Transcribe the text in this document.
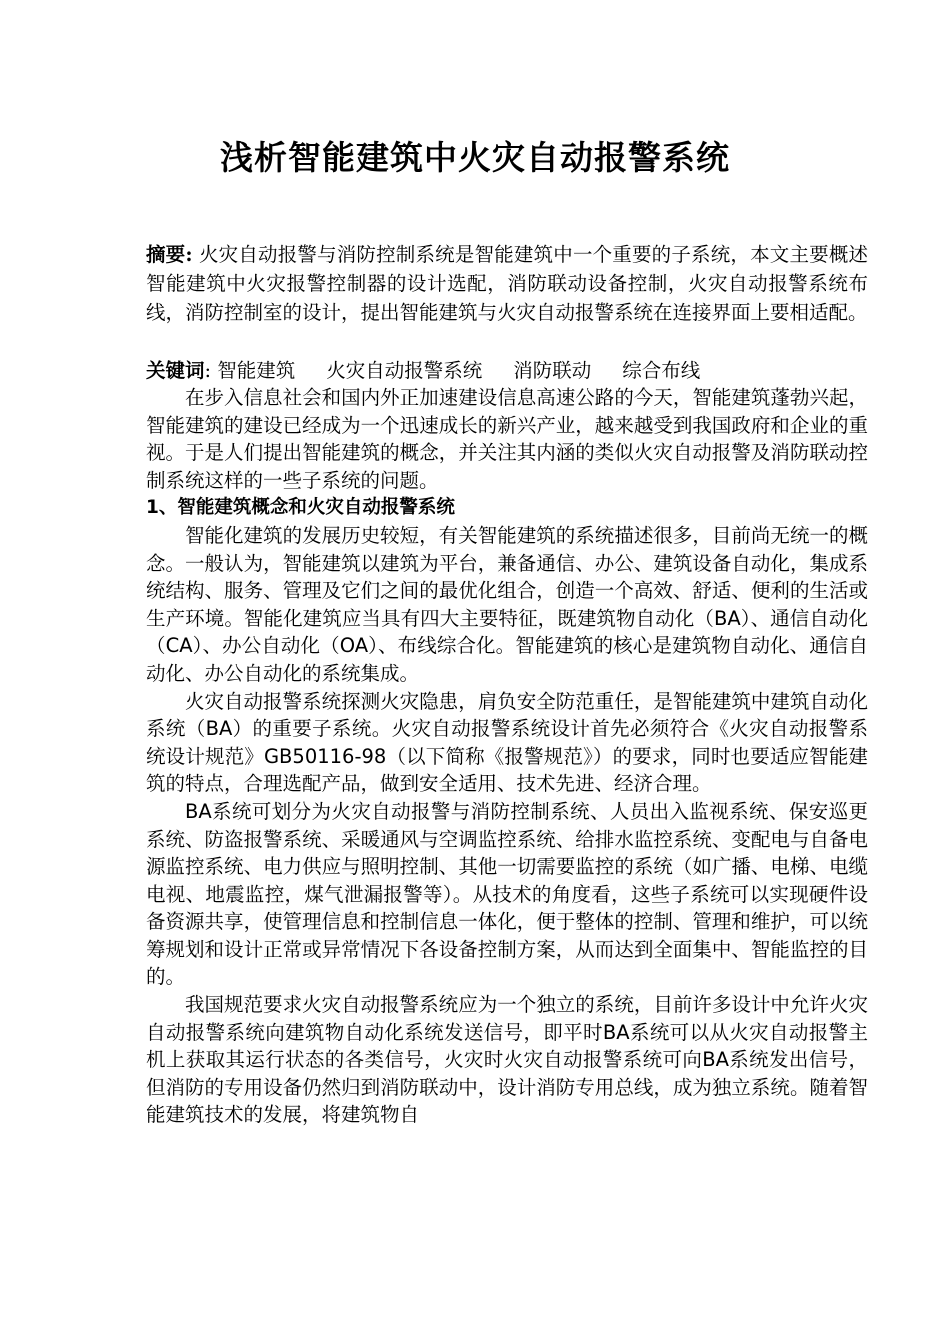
浅析智能建筑中火灾自动报警系统
摘要: 火灾自动报警与消防控制系统是智能建筑中一个重要的子系统，本文主要概述智能建筑中火灾报警控制器的设计选配，消防联动设备控制，火灾自动报警系统布线，消防控制室的设计，提出智能建筑与火灾自动报警系统在连接界面上要相适配。
关键词: 智能建筑     火灾自动报警系统     消防联动     综合布线

在步入信息社会和国内外正加速建设信息高速公路的今天，智能建筑蓬勃兴起，智能建筑的建设已经成为一个迅速成长的新兴产业，越来越受到我国政府和企业的重视。于是人们提出智能建筑的概念，并关注其内涵的类似火灾自动报警及消防联动控制系统这样的一些子系统的问题。

1、智能建筑概念和火灾自动报警系统

智能化建筑的发展历史较短，有关智能建筑的系统描述很多，目前尚无统一的概念。一般认为，智能建筑以建筑为平台，兼备通信、办公、建筑设备自动化，集成系统结构、服务、管理及它们之间的最优化组合，创造一个高效、舒适、便利的生活或生产环境。智能化建筑应当具有四大主要特征，既建筑物自动化（BA）、通信自动化（CA）、办公自动化（OA）、布线综合化。智能建筑的核心是建筑物自动化、通信自动化、办公自动化的系统集成。

火灾自动报警系统探测火灾隐患，肩负安全防范重任，是智能建筑中建筑自动化系统（BA）的重要子系统。火灾自动报警系统设计首先必须符合《火灾自动报警系统设计规范》GB50116-98（以下简称《报警规范》）的要求，同时也要适应智能建筑的特点，合理选配产品，做到安全适用、技术先进、经济合理。

BA系统可划分为火灾自动报警与消防控制系统、人员出入监视系统、保安巡更系统、防盗报警系统、采暖通风与空调监控系统、给排水监控系统、变配电与自备电源监控系统、电力供应与照明控制、其他一切需要监控的系统（如广播、电梯、电缆电视、地震监控，煤气泄漏报警等）。从技术的角度看，这些子系统可以实现硬件设备资源共享，使管理信息和控制信息一体化，便于整体的控制、管理和维护，可以统筹规划和设计正常或异常情况下各设备控制方案，从而达到全面集中、智能监控的目的。

我国规范要求火灾自动报警系统应为一个独立的系统，目前许多设计中允许火灾自动报警系统向建筑物自动化系统发送信号，即平时BA系统可以从火灾自动报警主机上获取其运行状态的各类信号，火灾时火灾自动报警系统可向BA系统发出信号，但消防的专用设备仍然归到消防联动中，设计消防专用总线，成为独立系统。随着智能建筑技术的发展，将建筑物自
